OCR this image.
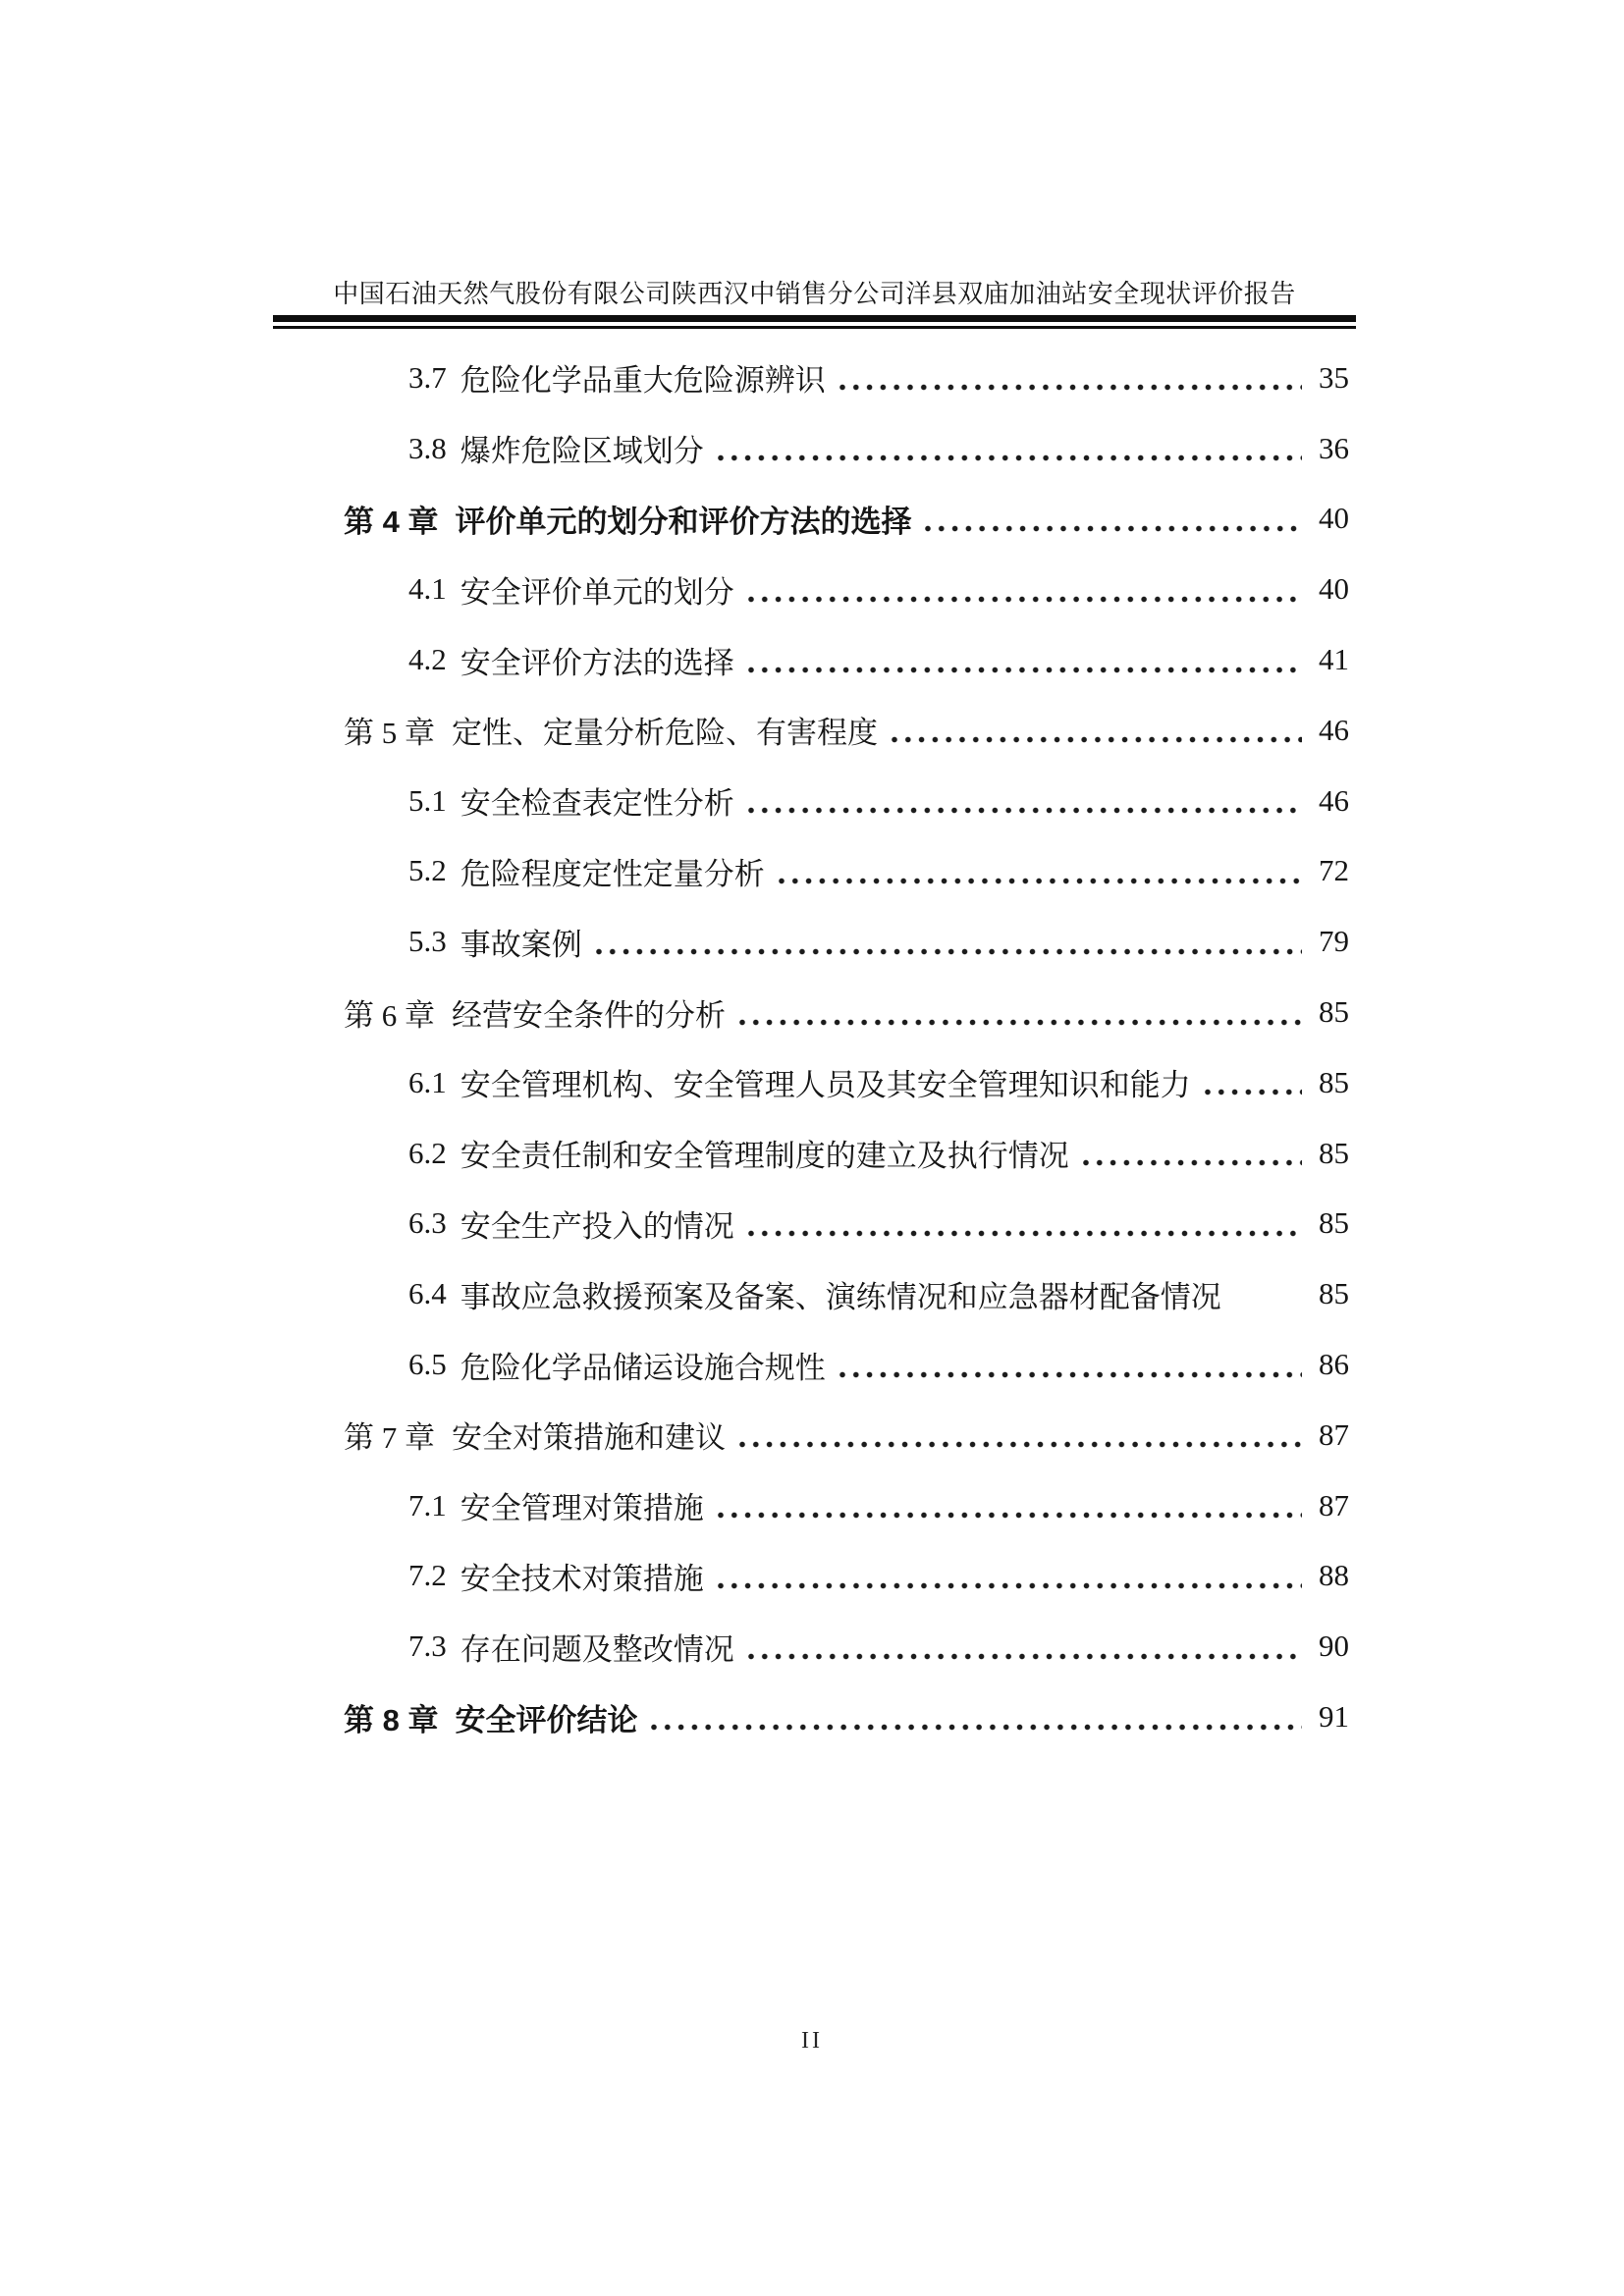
中国石油天然气股份有限公司陕西汉中销售分公司洋县双庙加油站安全现状评价报告
3.7 危险化学品重大危险源辨识	35
3.8 爆炸危险区域划分	36
第 4 章 评价单元的划分和评价方法的选择	40
4.1 安全评价单元的划分	40
4.2 安全评价方法的选择	41
第 5 章 定性、定量分析危险、有害程度	46
5.1 安全检查表定性分析	46
5.2 危险程度定性定量分析	72
5.3 事故案例	79
第 6 章 经营安全条件的分析	85
6.1 安全管理机构、安全管理人员及其安全管理知识和能力	85
6.2 安全责任制和安全管理制度的建立及执行情况	85
6.3 安全生产投入的情况	85
6.4 事故应急救援预案及备案、演练情况和应急器材配备情况	85
6.5 危险化学品储运设施合规性	86
第 7 章 安全对策措施和建议	87
7.1 安全管理对策措施	87
7.2 安全技术对策措施	88
7.3 存在问题及整改情况	90
第 8 章 安全评价结论	91
II
